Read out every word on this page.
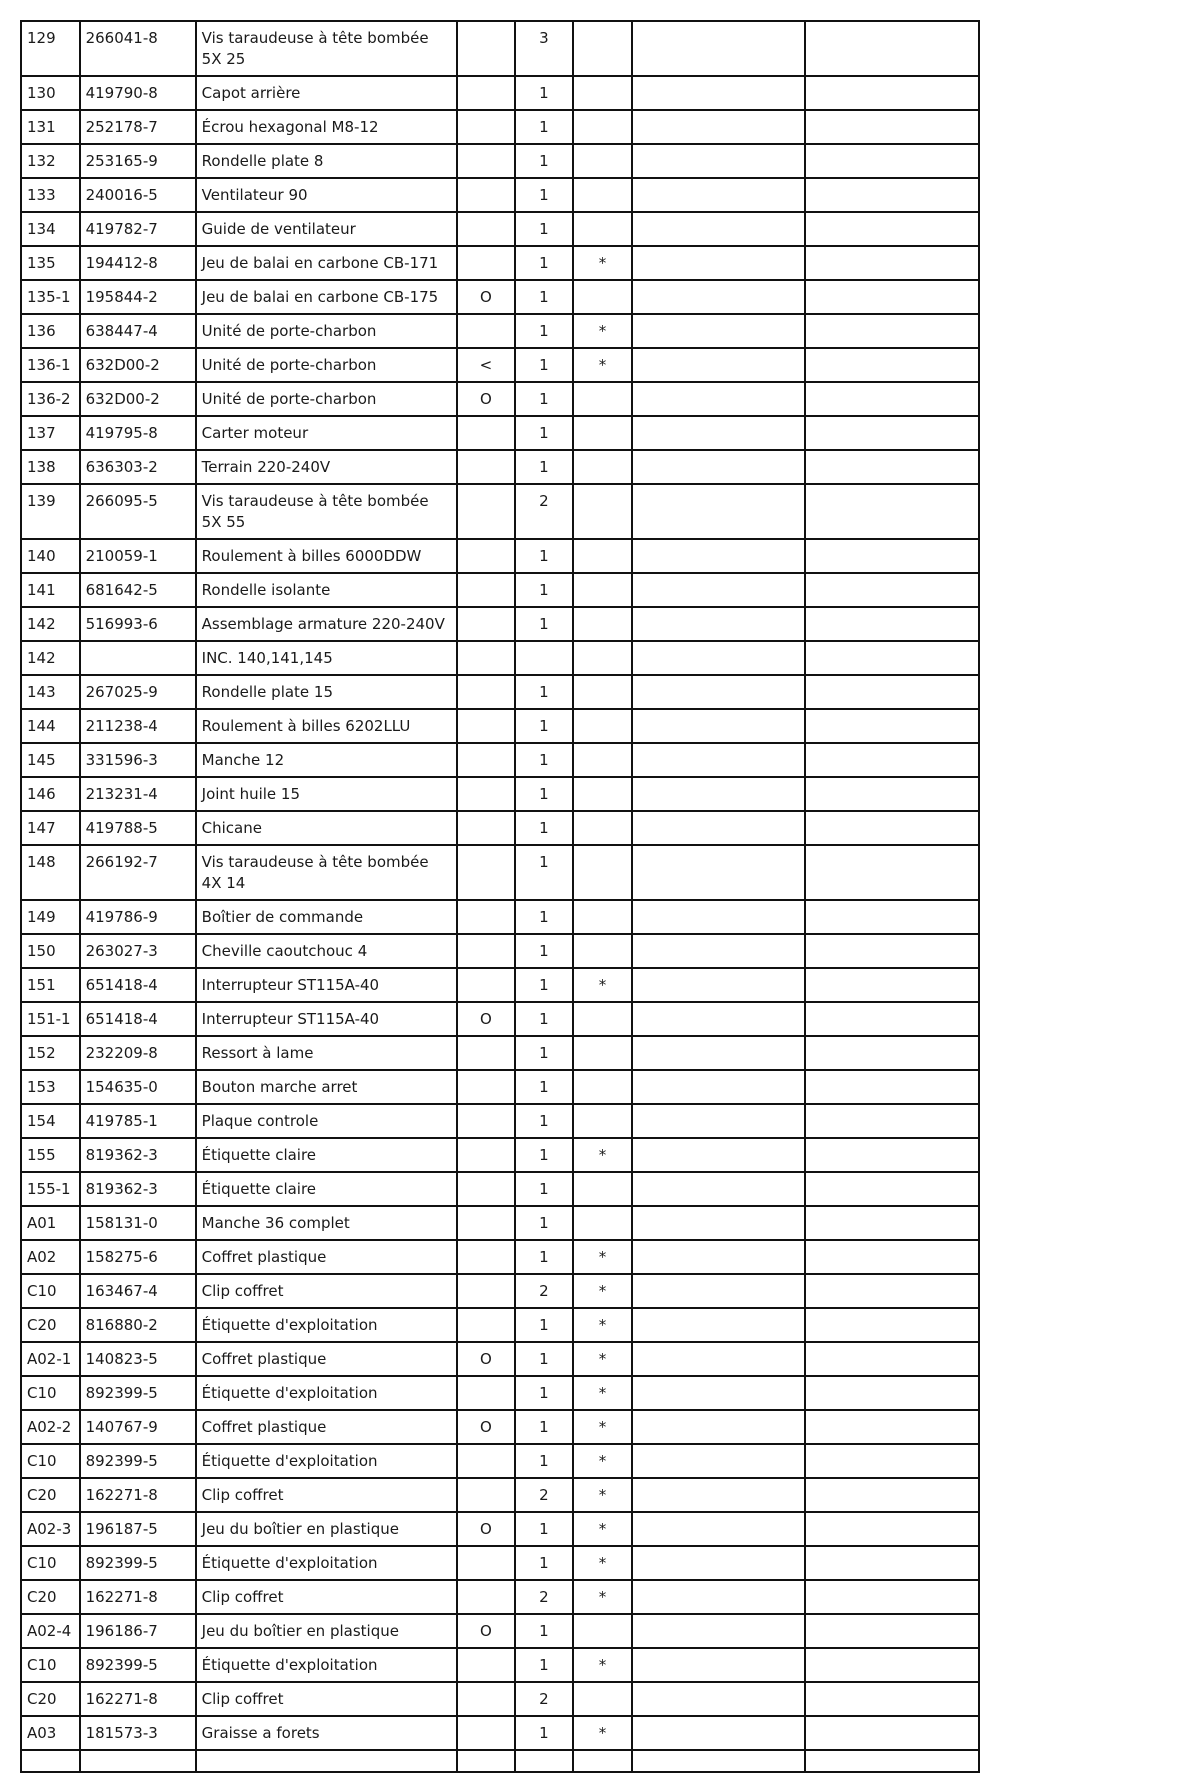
129	266041-8	Vis taraudeuse à tête bombée 5X 25		3			
130	419790-8	Capot arrière		1			
131	252178-7	Écrou hexagonal M8-12		1			
132	253165-9	Rondelle plate 8		1			
133	240016-5	Ventilateur 90		1			
134	419782-7	Guide de ventilateur		1			
135	194412-8	Jeu de balai en carbone CB-171		1	*		
135-1	195844-2	Jeu de balai en carbone CB-175	O	1			
136	638447-4	Unité de porte-charbon		1	*		
136-1	632D00-2	Unité de porte-charbon	<	1	*		
136-2	632D00-2	Unité de porte-charbon	O	1			
137	419795-8	Carter moteur		1			
138	636303-2	Terrain 220-240V		1			
139	266095-5	Vis taraudeuse à tête bombée 5X 55		2			
140	210059-1	Roulement à billes 6000DDW		1			
141	681642-5	Rondelle isolante		1			
142	516993-6	Assemblage armature 220-240V		1			
142		INC. 140,141,145					
143	267025-9	Rondelle plate 15		1			
144	211238-4	Roulement à billes 6202LLU		1			
145	331596-3	Manche 12		1			
146	213231-4	Joint huile 15		1			
147	419788-5	Chicane		1			
148	266192-7	Vis taraudeuse à tête bombée 4X 14		1			
149	419786-9	Boîtier de commande		1			
150	263027-3	Cheville caoutchouc 4		1			
151	651418-4	Interrupteur ST115A-40		1	*		
151-1	651418-4	Interrupteur ST115A-40	O	1			
152	232209-8	Ressort à lame		1			
153	154635-0	Bouton marche arret		1			
154	419785-1	Plaque controle		1			
155	819362-3	Étiquette claire		1	*		
155-1	819362-3	Étiquette claire		1			
A01	158131-0	Manche 36 complet		1			
A02	158275-6	Coffret plastique		1	*		
C10	163467-4	Clip coffret		2	*		
C20	816880-2	Étiquette d'exploitation		1	*		
A02-1	140823-5	Coffret plastique	O	1	*		
C10	892399-5	Étiquette d'exploitation		1	*		
A02-2	140767-9	Coffret plastique	O	1	*		
C10	892399-5	Étiquette d'exploitation		1	*		
C20	162271-8	Clip coffret		2	*		
A02-3	196187-5	Jeu du boîtier en plastique	O	1	*		
C10	892399-5	Étiquette d'exploitation		1	*		
C20	162271-8	Clip coffret		2	*		
A02-4	196186-7	Jeu du boîtier en plastique	O	1			
C10	892399-5	Étiquette d'exploitation		1	*		
C20	162271-8	Clip coffret		2			
A03	181573-3	Graisse a forets		1	*		
